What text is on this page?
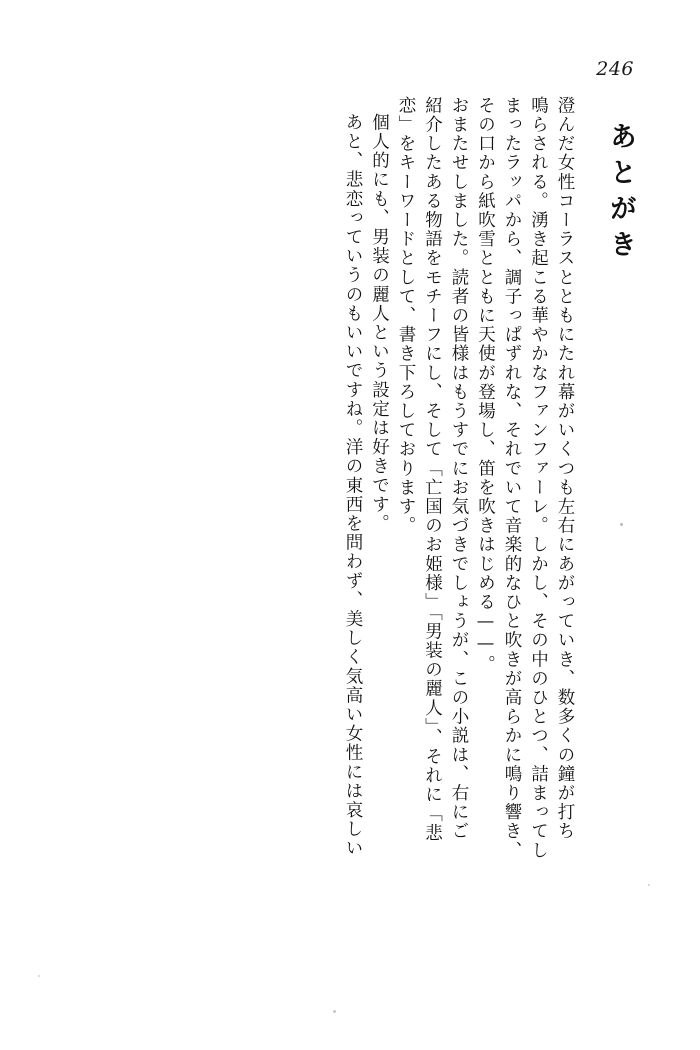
246
あとがき
澄んだ女性コーラスとともにたれ幕がいくつも左右にあがっていき、数多くの鐘が打ち
鳴らされる。湧き起こる華やかなファンファーレ。しかし、その中のひとつ、詰まってし
まったラッパから、調子っぱずれな、それでいて音楽的なひと吹きが高らかに鳴り響き、
その口から紙吹雪とともに天使が登場し、笛を吹きはじめる——。
おまたせしました。読者の皆様はもうすでにお気づきでしょうが、この小説は、右にご
紹介したある物語をモチーフにし、そして「亡国のお姫様」「男装の麗人」、それに「悲
恋」をキーワードとして、書き下ろしております。
個人的にも、男装の麗人という設定は好きです。
あと、悲恋っていうのもいいですね。洋の東西を問わず、美しく気高い女性には哀しい
